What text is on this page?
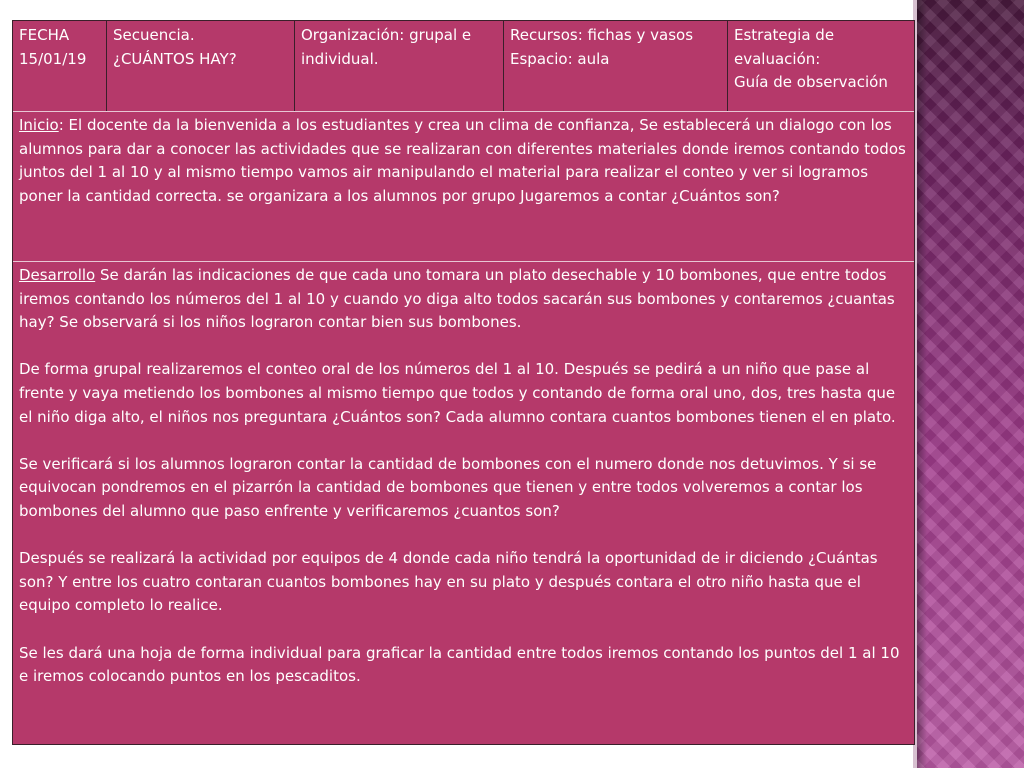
FECHA
15/01/19
Secuencia.
¿CUÁNTOS HAY?
Organización: grupal e individual.
Recursos: fichas y vasos
Espacio: aula
Estrategia de evaluación:
Guía de observación
Inicio: El docente da la bienvenida a los estudiantes y crea un clima de confianza, Se establecerá un dialogo con los alumnos para dar a conocer las actividades que se realizaran con diferentes materiales donde iremos contando todos juntos del 1 al 10 y al mismo tiempo vamos air manipulando el material para realizar el conteo y ver si logramos poner la cantidad correcta. se organizara a los alumnos por grupo Jugaremos a contar ¿Cuántos son?

Desarrollo Se darán las indicaciones de que cada uno tomara un plato desechable y 10 bombones, que entre todos iremos contando los números del 1 al 10 y cuando yo diga alto todos sacarán sus bombones y contaremos ¿cuantas hay? Se observará si los niños lograron contar bien sus bombones.

De forma grupal realizaremos el conteo oral de los números del 1 al 10. Después se pedirá a un niño que pase al frente y vaya metiendo los bombones al mismo tiempo que todos y contando de forma oral uno, dos, tres hasta que el niño diga alto, el niños nos preguntara ¿Cuántos son? Cada alumno contara cuantos bombones tienen el en plato.

Se verificará si los alumnos lograron contar la cantidad de bombones con el numero donde nos detuvimos. Y si se equivocan pondremos en el pizarrón la cantidad de bombones que tienen y entre todos volveremos a contar los bombones del alumno que paso enfrente y verificaremos ¿cuantos son?

Después se realizará la actividad por equipos de 4 donde cada niño tendrá la oportunidad de ir diciendo ¿Cuántas son? Y entre los cuatro contaran cuantos bombones hay en su plato y después contara el otro niño hasta que el equipo completo lo realice.

Se les dará una hoja de forma individual para graficar la cantidad entre todos iremos contando los puntos del 1 al 10 e iremos colocando puntos en los pescaditos.
